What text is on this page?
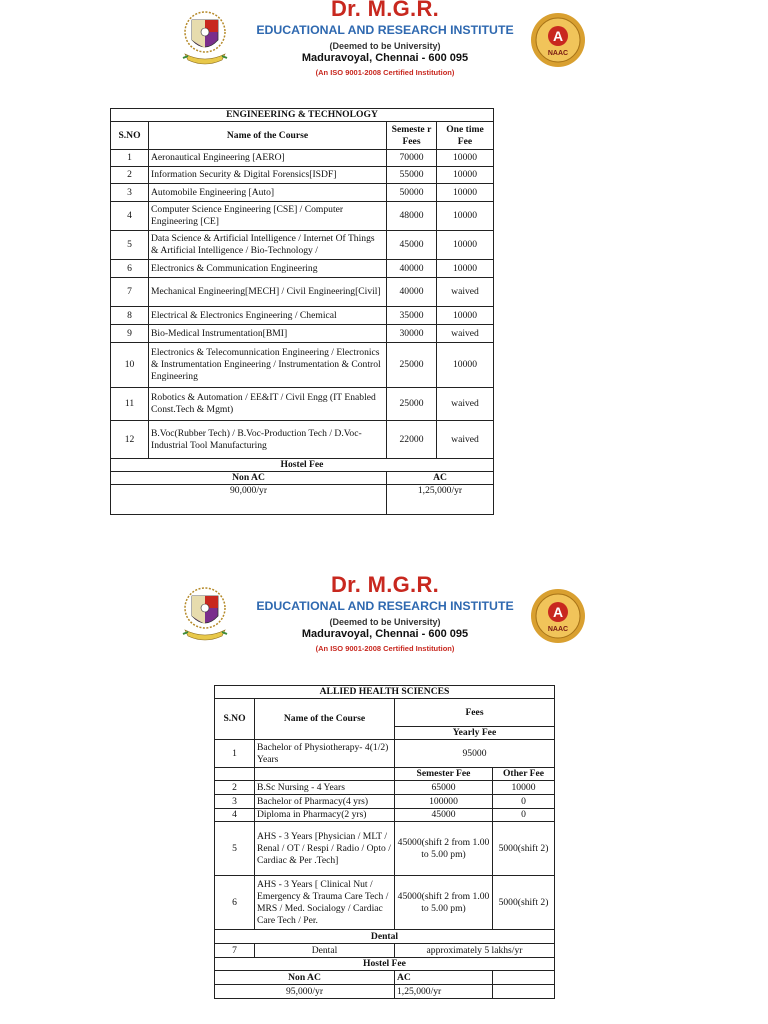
Dr. M.G.R.
EDUCATIONAL AND RESEARCH INSTITUTE
(Deemed to be University)
Maduravoyal, Chennai - 600 095
(An ISO 9001-2008 Certified Institution)
A
NAAC
ENGINEERING & TECHNOLOGY			
S.NO	Name of the Course	Semeste r Fees	One time Fee
1	Aeronautical Engineering [AERO]	70000	10000
2	Information Security & Digital Forensics[ISDF]	55000	10000
3	Automobile Engineering [Auto]	50000	10000
4	Computer Science Engineering [CSE] / Computer Engineering [CE]	48000	10000
5	Data Science & Artificial Intelligence / Internet Of Things & Artificial Intelligence / Bio-Technology /	45000	10000
6	Electronics & Communication Engineering	40000	10000
7	Mechanical Engineering[MECH] / Civil Engineering[Civil]	40000	waived
8	Electrical & Electronics Engineering / Chemical	35000	10000
9	Bio-Medical Instrumentation[BMI]	30000	waived
10	Electronics & Telecomunnication Engineering / Electronics & Instrumentation Engineering / Instrumentation & Control Engineering	25000	10000
11	Robotics & Automation / EE&IT / Civil Engg (IT Enabled Const.Tech & Mgmt)	25000	waived
12	B.Voc(Rubber Tech) / B.Voc-Production Tech / D.Voc-Industrial Tool Manufacturing	22000	waived
Hostel Fee			
Non AC		AC	
90,000/yr		1,25,000/yr	
Dr. M.G.R.
EDUCATIONAL AND RESEARCH INSTITUTE
(Deemed to be University)
Maduravoyal, Chennai - 600 095
(An ISO 9001-2008 Certified Institution)
A
NAAC
ALLIED HEALTH SCIENCES			
S.NO	Name of the Course	Fees	
		Yearly Fee	
1	Bachelor of Physiotherapy- 4(1/2) Years	95000	
		Semester Fee	Other Fee
2	B.Sc Nursing - 4 Years	65000	10000
3	Bachelor of Pharmacy(4 yrs)	100000	0
4	Diploma in Pharmacy(2 yrs)	45000	0
5	AHS - 3 Years [Physician / MLT / Renal / OT / Respi / Radio / Opto / Cardiac & Per .Tech]	45000(shift 2 from 1.00 to 5.00 pm)	5000(shift 2)
6	AHS - 3 Years [ Clinical Nut / Emergency & Trauma Care Tech / MRS / Med. Socialogy / Cardiac Care Tech / Per.	45000(shift 2 from 1.00 to 5.00 pm)	5000(shift 2)
Dental			
7	Dental	approximately 5 lakhs/yr	
Hostel Fee			
Non AC		AC	
95,000/yr		1,25,000/yr	
